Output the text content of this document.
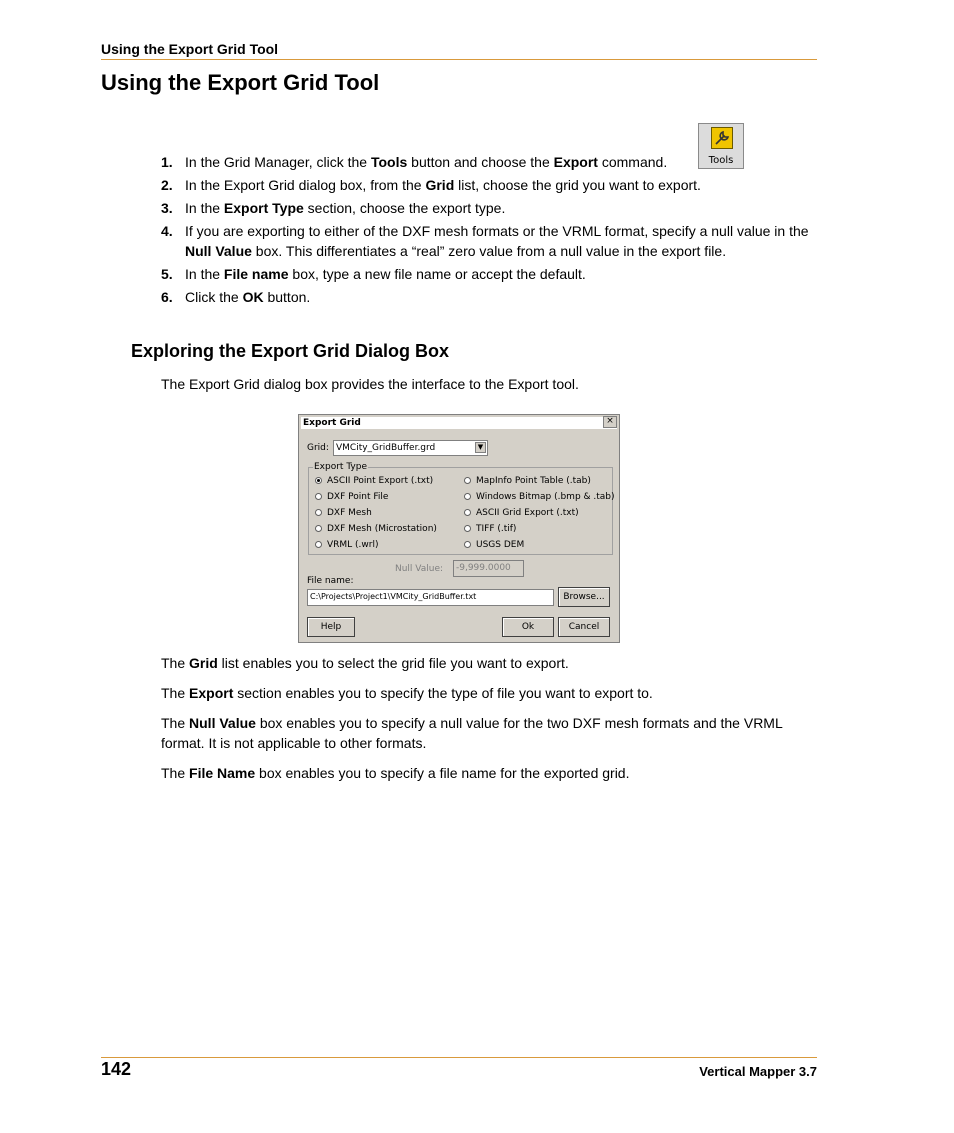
Using the Export Grid Tool
Using the Export Grid Tool
Tools
1. In the Grid Manager, click the Tools button and choose the Export command.
2. In the Export Grid dialog box, from the Grid list, choose the grid you want to export.
3. In the Export Type section, choose the export type.
4. If you are exporting to either of the DXF mesh formats or the VRML format, specify a null value in the Null Value box. This differentiates a “real” zero value from a null value in the export file.
5. In the File name box, type a new file name or accept the default.
6. Click the OK button.
Exploring the Export Grid Dialog Box

The Export Grid dialog box provides the interface to the Export tool.

Export Grid	×
Grid: VMCity_GridBuffer.grd	▼
Export Type
ASCII Point Export (.txt)
DXF Point File
DXF Mesh
DXF Mesh (Microstation)
VRML (.wrl)
MapInfo Point Table (.tab)
Windows Bitmap (.bmp & .tab)
ASCII Grid Export (.txt)
TIFF (.tif)
USGS DEM
Null Value:	-9,999.0000
File name:
C:\Projects\Project1\VMCity_GridBuffer.txt	Browse...
Help	Ok	Cancel

The Grid list enables you to select the grid file you want to export.

The Export section enables you to specify the type of file you want to export to.

The Null Value box enables you to specify a null value for the two DXF mesh formats and the VRML format. It is not applicable to other formats.

The File Name box enables you to specify a file name for the exported grid.

142	Vertical Mapper 3.7
